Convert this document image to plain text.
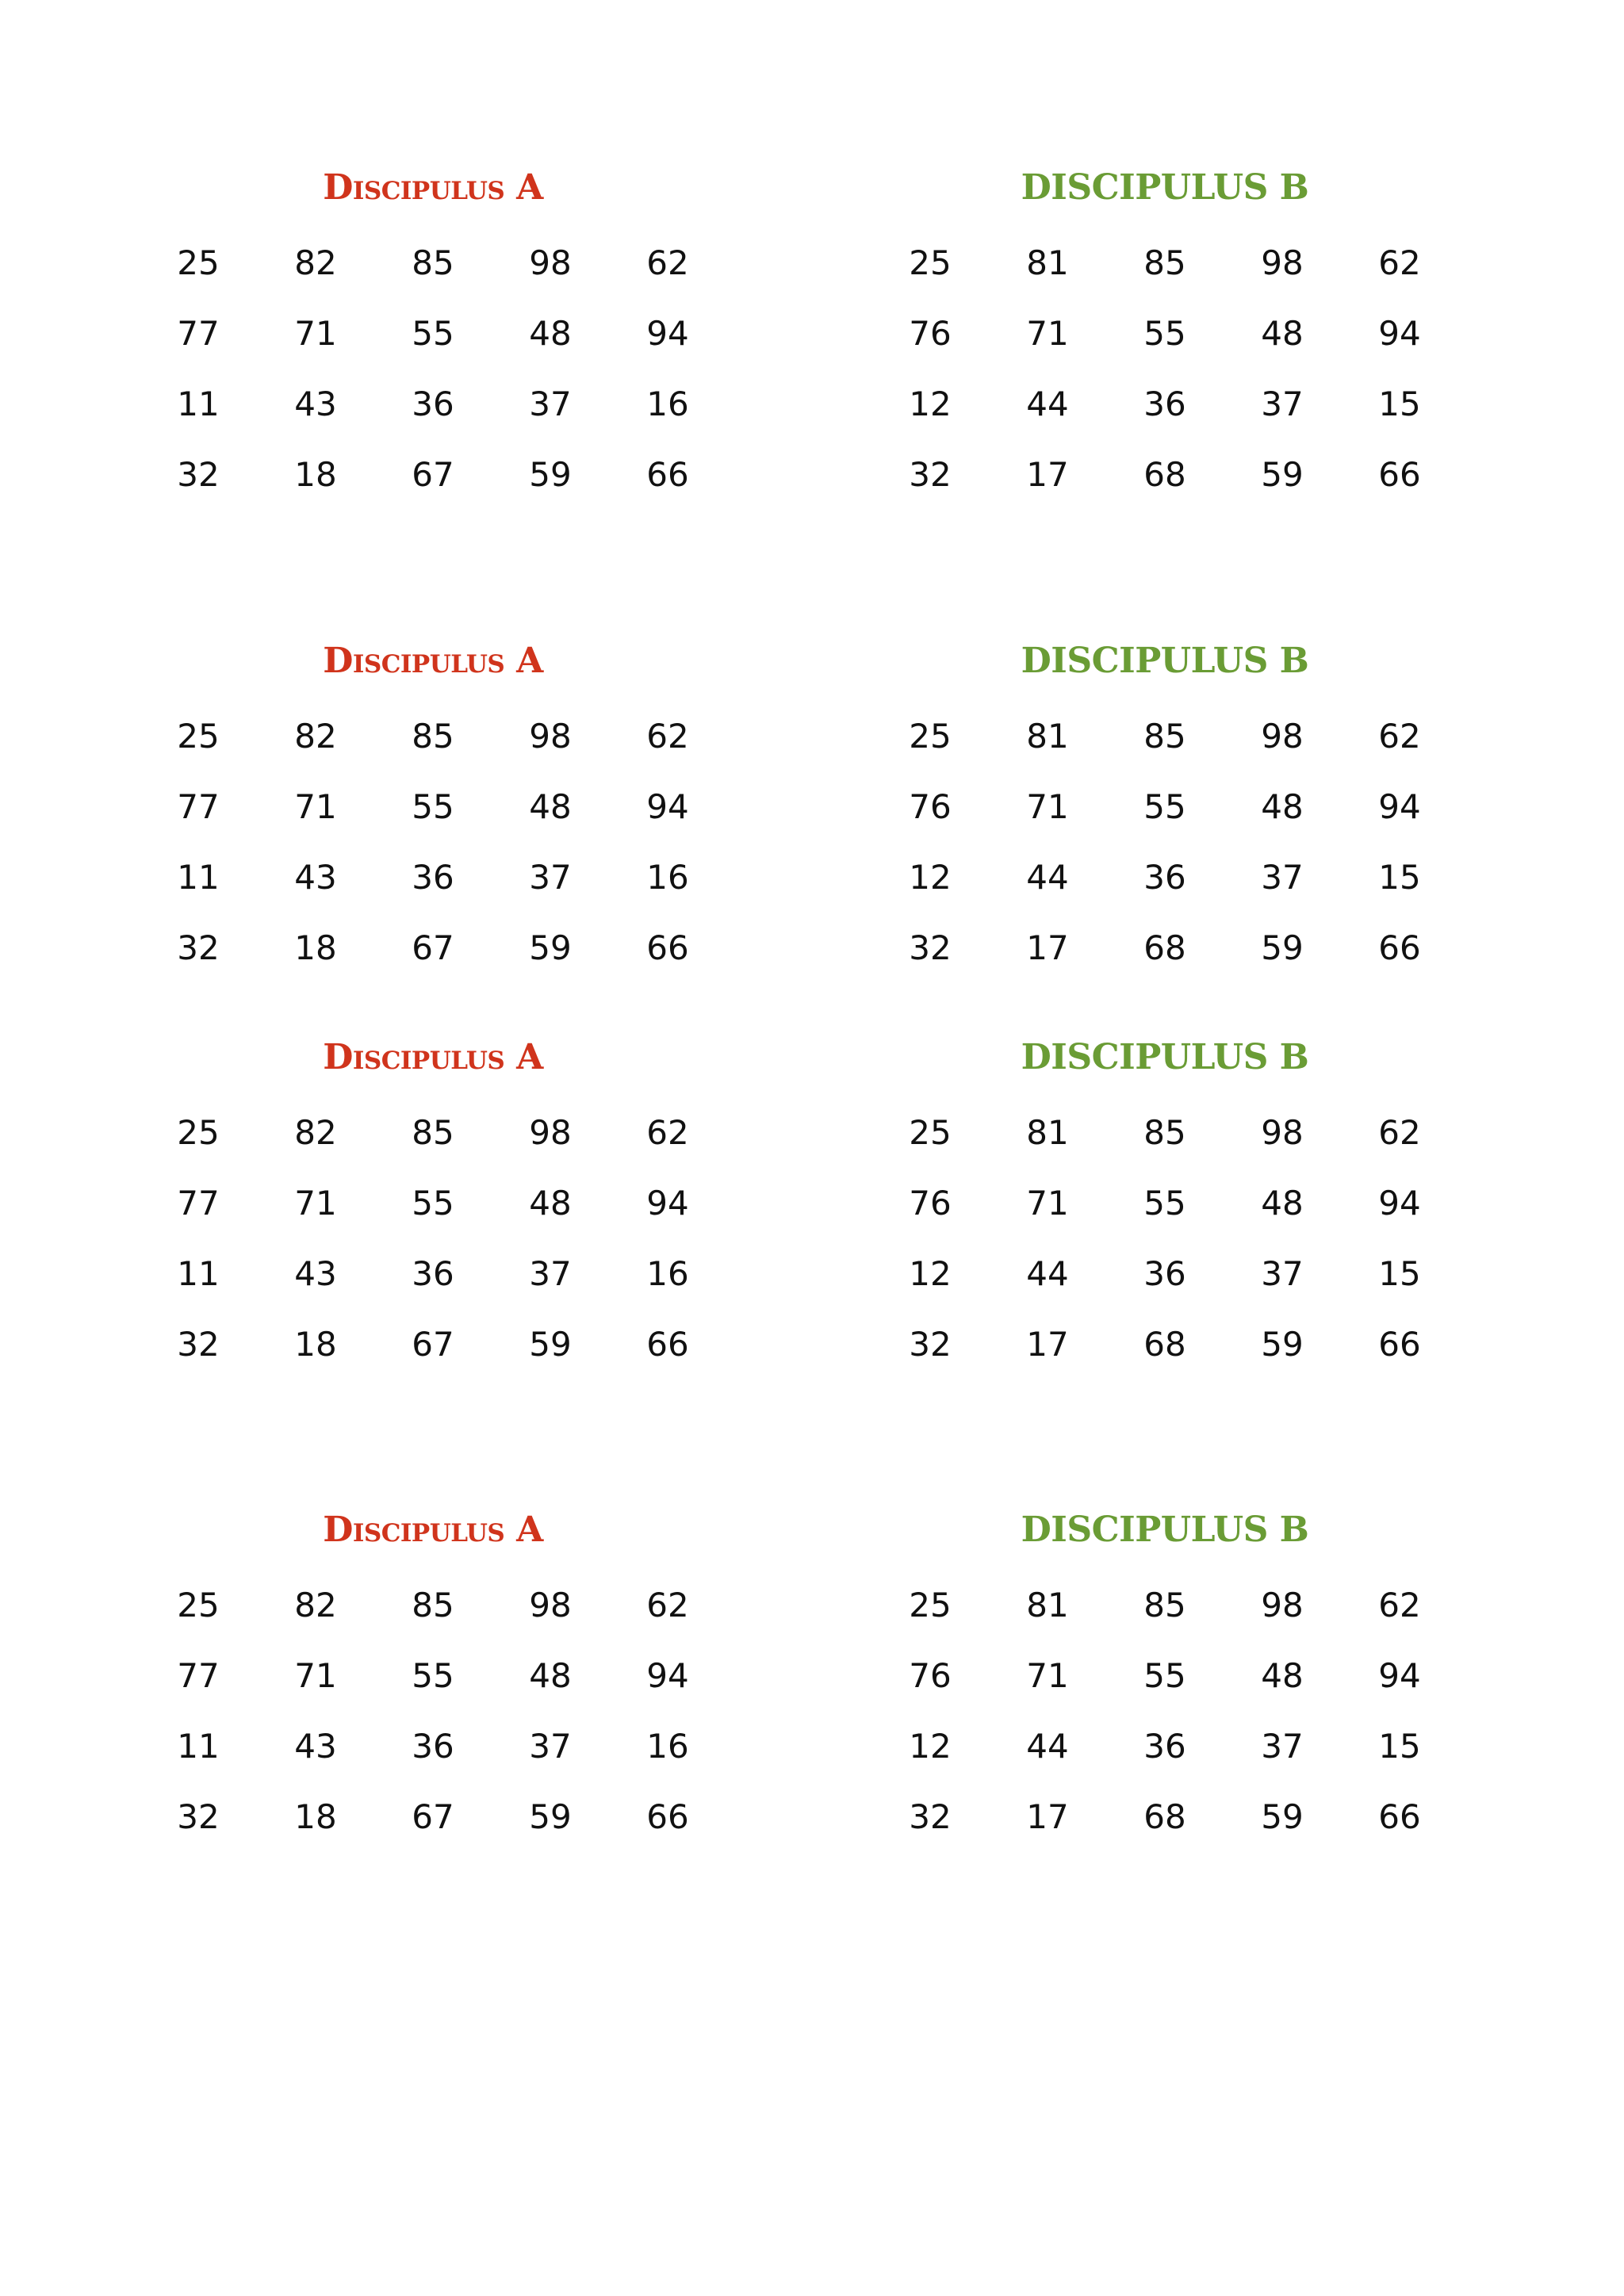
Discipulus A
25	82	85	98	62
77	71	55	48	94
11	43	36	37	16
32	18	67	59	66
DISCIPULUS B
25	81	85	98	62
76	71	55	48	94
12	44	36	37	15
32	17	68	59	66
Discipulus A
25	82	85	98	62
77	71	55	48	94
11	43	36	37	16
32	18	67	59	66
DISCIPULUS B
25	81	85	98	62
76	71	55	48	94
12	44	36	37	15
32	17	68	59	66
Discipulus A
25	82	85	98	62
77	71	55	48	94
11	43	36	37	16
32	18	67	59	66
DISCIPULUS B
25	81	85	98	62
76	71	55	48	94
12	44	36	37	15
32	17	68	59	66
Discipulus A
25	82	85	98	62
77	71	55	48	94
11	43	36	37	16
32	18	67	59	66
DISCIPULUS B
25	81	85	98	62
76	71	55	48	94
12	44	36	37	15
32	17	68	59	66
